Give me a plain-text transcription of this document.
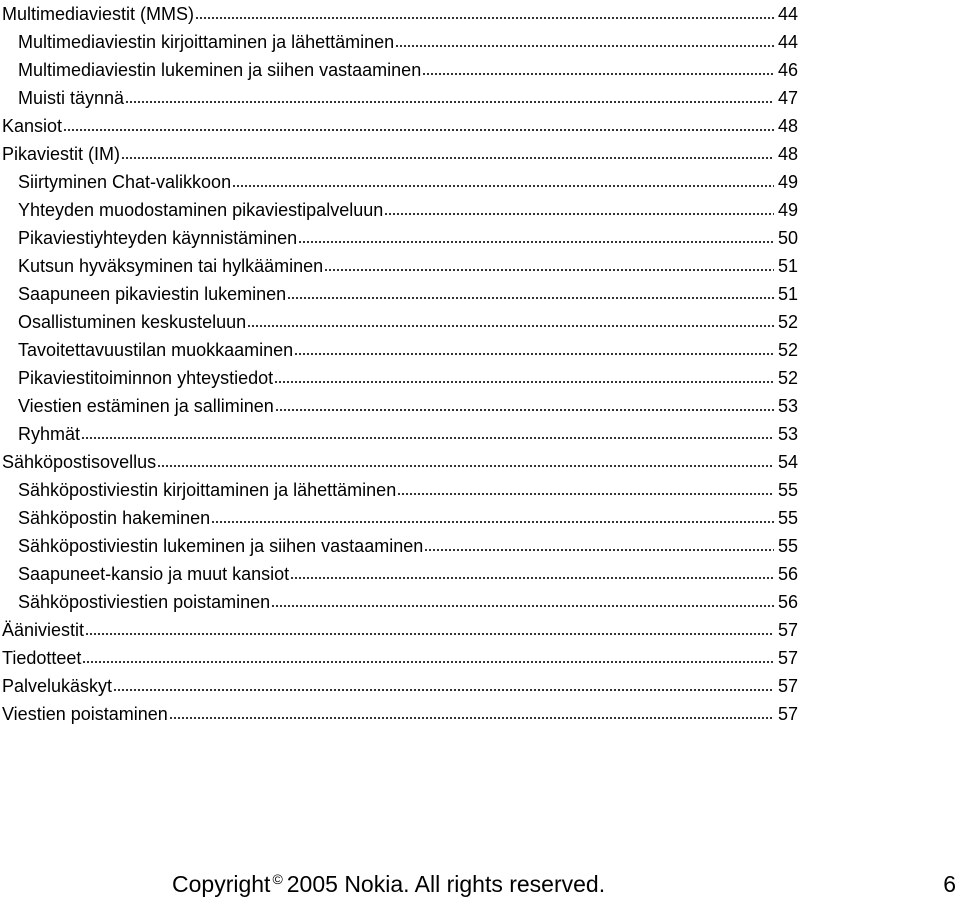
Multimediaviestit (MMS)	44
Multimediaviestin kirjoittaminen ja lähettäminen	44
Multimediaviestin lukeminen ja siihen vastaaminen	46
Muisti täynnä	47
Kansiot	48
Pikaviestit (IM)	48
Siirtyminen Chat-valikkoon	49
Yhteyden muodostaminen pikaviestipalveluun	49
Pikaviestiyhteyden käynnistäminen	50
Kutsun hyväksyminen tai hylkääminen	51
Saapuneen pikaviestin lukeminen	51
Osallistuminen keskusteluun	52
Tavoitettavuustilan muokkaaminen	52
Pikaviestitoiminnon yhteystiedot	52
Viestien estäminen ja salliminen	53
Ryhmät	53
Sähköpostisovellus	54
Sähköpostiviestin kirjoittaminen ja lähettäminen	55
Sähköpostin hakeminen	55
Sähköpostiviestin lukeminen ja siihen vastaaminen	55
Saapuneet-kansio ja muut kansiot	56
Sähköpostiviestien poistaminen	56
Ääniviestit	57
Tiedotteet	57
Palvelukäskyt	57
Viestien poistaminen	57
Copyright © 2005 Nokia. All rights reserved.	6
